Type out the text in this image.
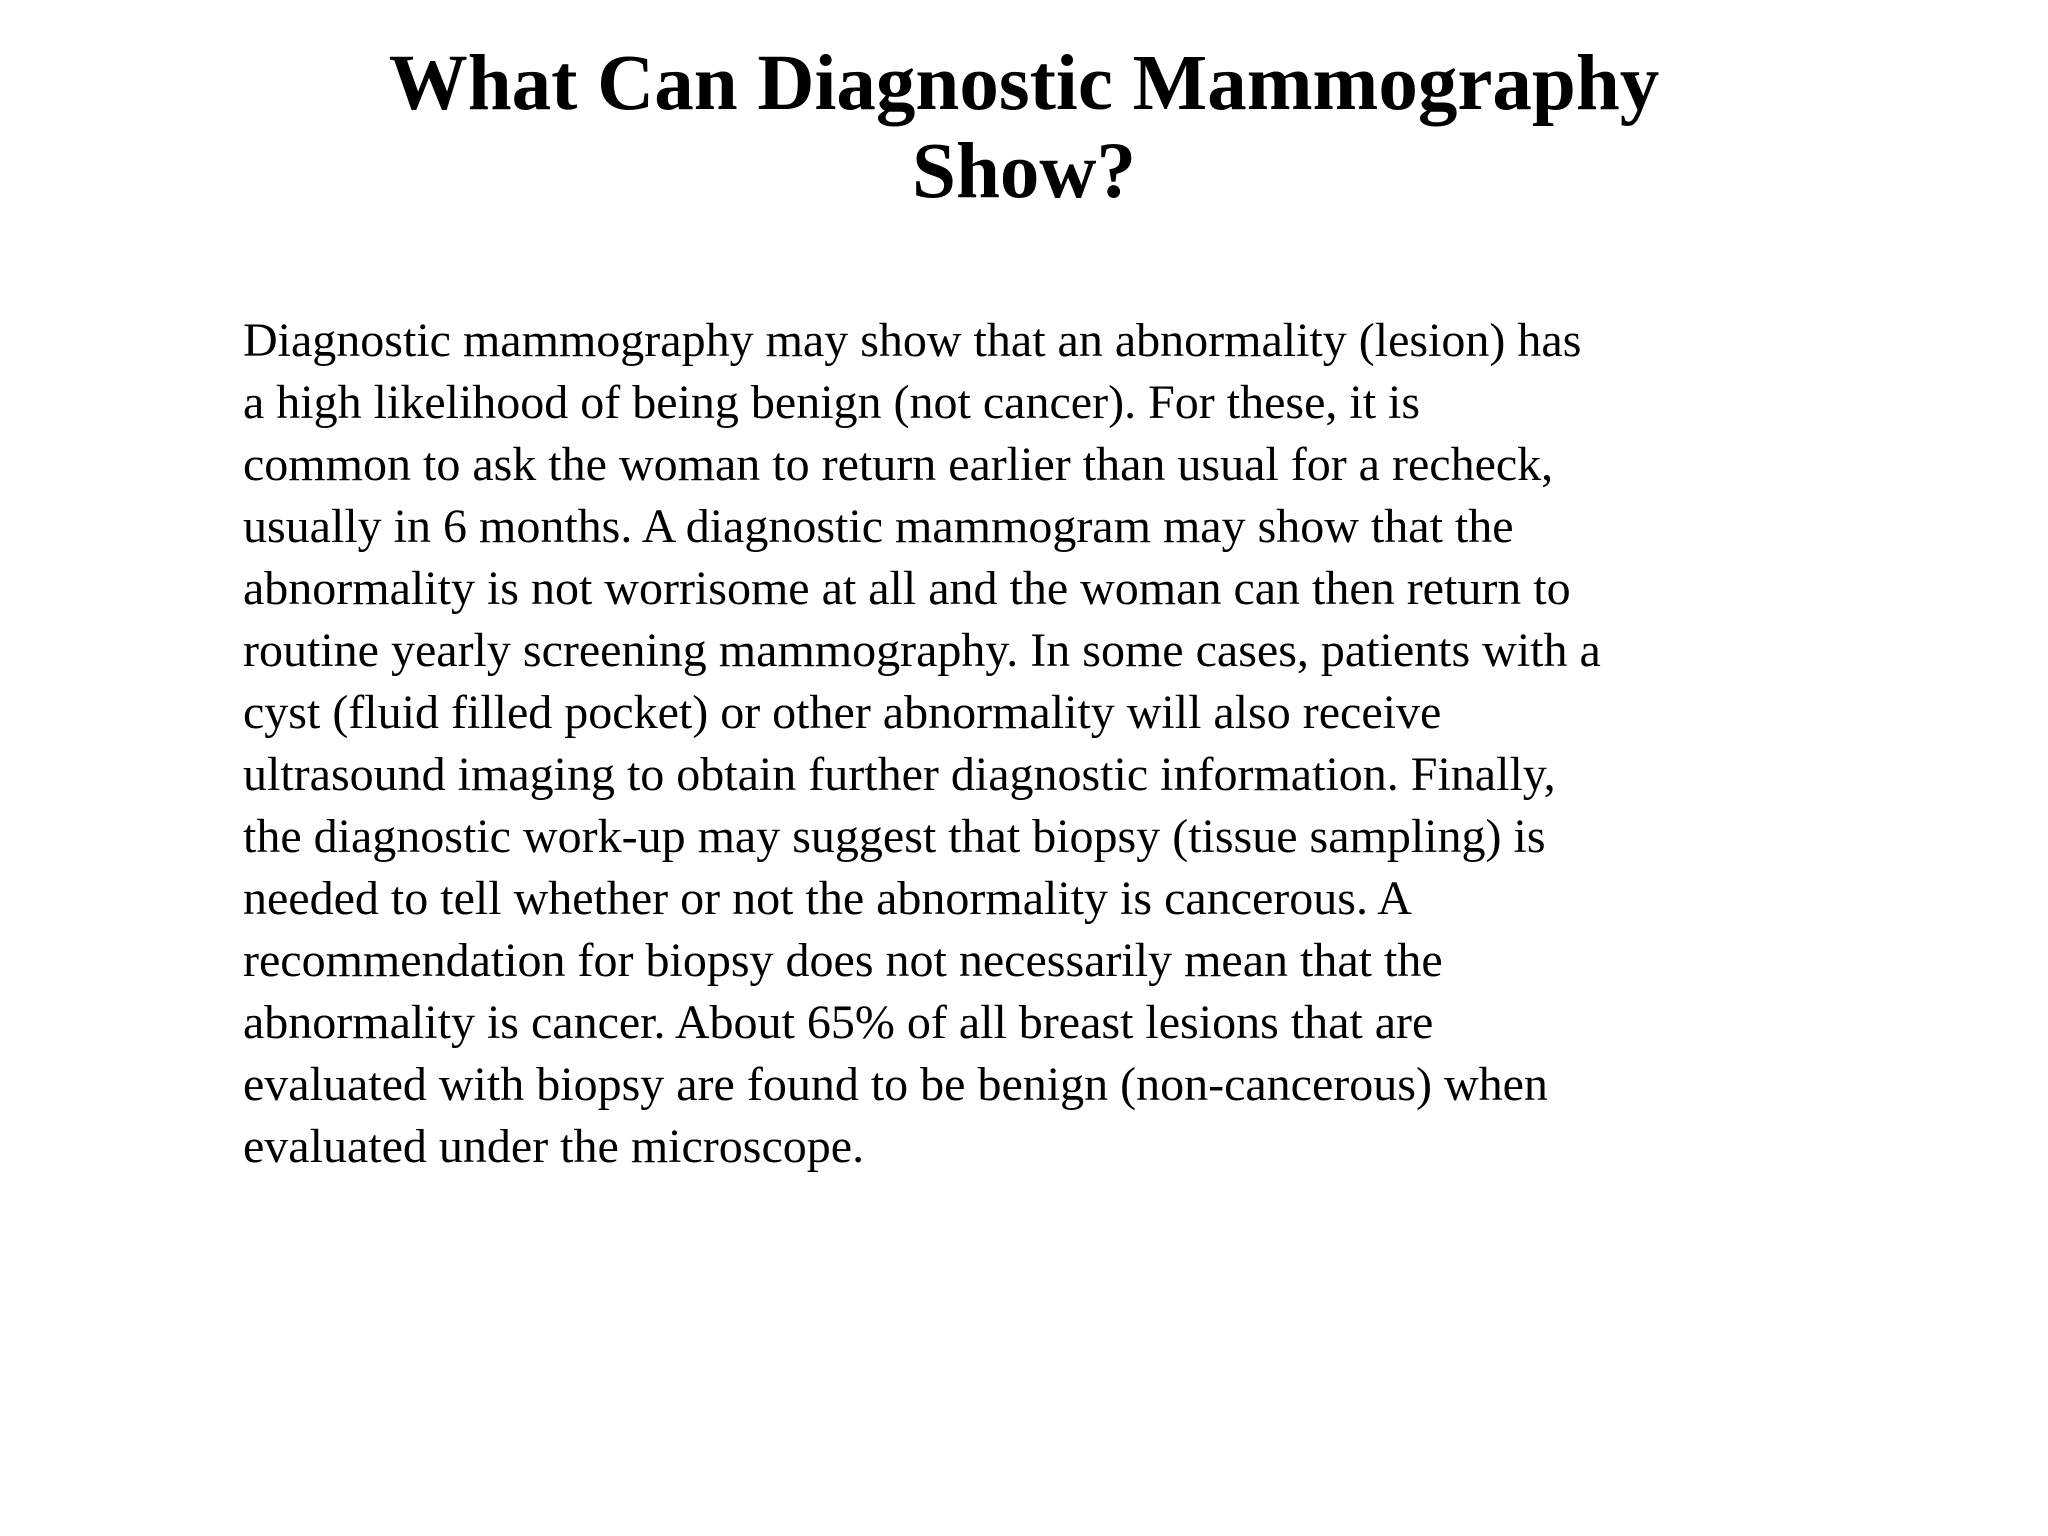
What Can Diagnostic Mammography
Show?
Diagnostic mammography may show that an abnormality (lesion) has
a high likelihood of being benign (not cancer). For these, it is
common to ask the woman to return earlier than usual for a recheck,
usually in 6 months. A diagnostic mammogram may show that the
abnormality is not worrisome at all and the woman can then return to
routine yearly screening mammography. In some cases, patients with a
cyst (fluid filled pocket) or other abnormality will also receive
ultrasound imaging to obtain further diagnostic information. Finally,
the diagnostic work-up may suggest that biopsy (tissue sampling) is
needed to tell whether or not the abnormality is cancerous. A
recommendation for biopsy does not necessarily mean that the
abnormality is cancer. About 65% of all breast lesions that are
evaluated with biopsy are found to be benign (non-cancerous) when
evaluated under the microscope.
